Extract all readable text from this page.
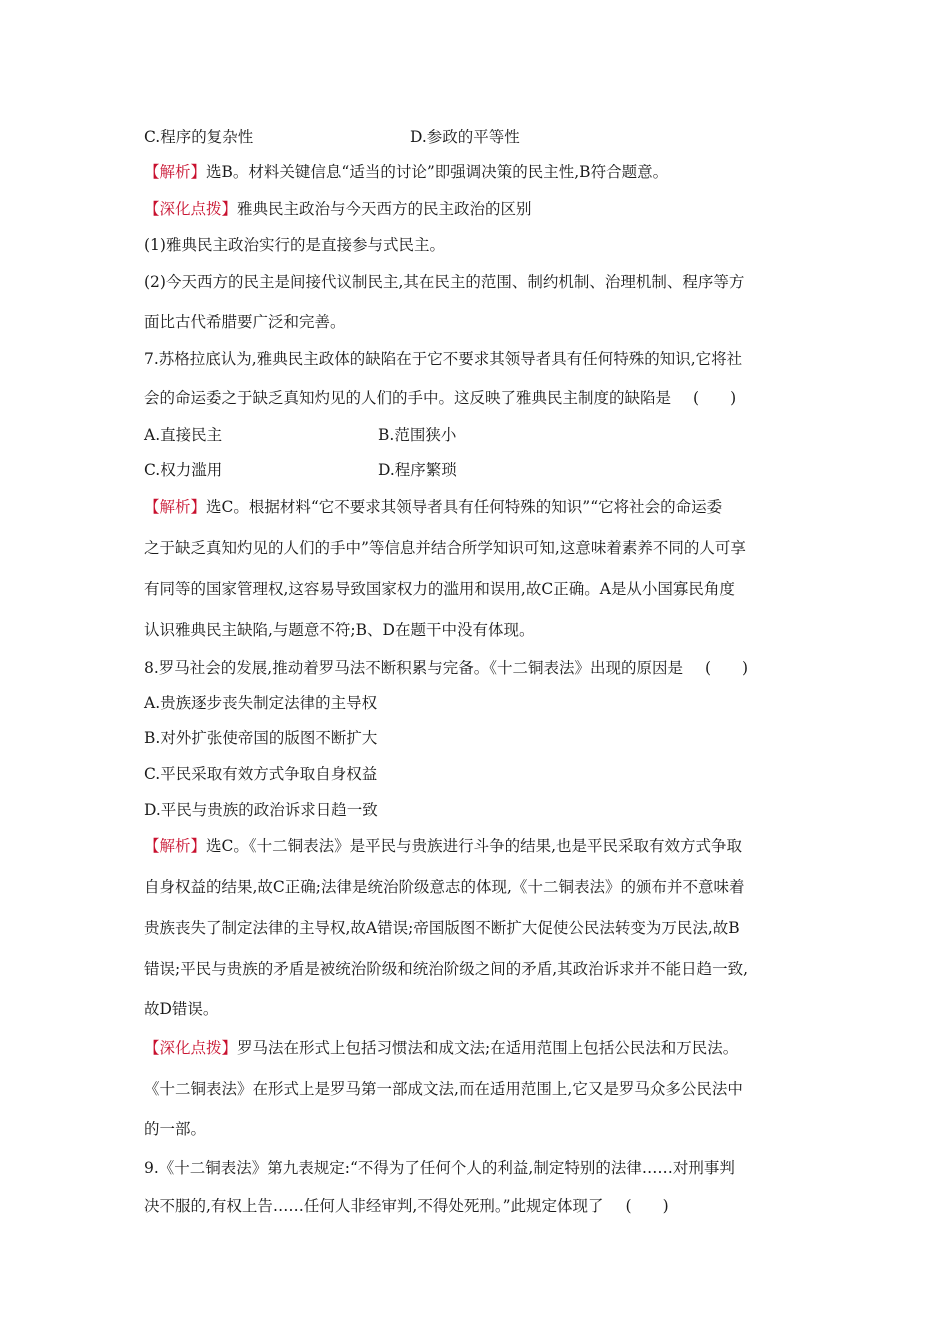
C.程序的复杂性	D.参政的平等性
【解析】选B。材料关键信息“适当的讨论”即强调决策的民主性,B符合题意。
【深化点拨】雅典民主政治与今天西方的民主政治的区别
(1)雅典民主政治实行的是直接参与式民主。
(2)今天西方的民主是间接代议制民主,其在民主的范围、制约机制、治理机制、程序等方
面比古代希腊要广泛和完善。
7.苏格拉底认为,雅典民主政体的缺陷在于它不要求其领导者具有任何特殊的知识,它将社
会的命运委之于缺乏真知灼见的人们的手中。这反映了雅典民主制度的缺陷是 (　　)
A.直接民主	B.范围狭小
C.权力滥用	D.程序繁琐
【解析】选C。根据材料“它不要求其领导者具有任何特殊的知识”“它将社会的命运委
之于缺乏真知灼见的人们的手中”等信息并结合所学知识可知,这意味着素养不同的人可享
有同等的国家管理权,这容易导致国家权力的滥用和误用,故C正确。A是从小国寡民角度
认识雅典民主缺陷,与题意不符;B、D在题干中没有体现。
8.罗马社会的发展,推动着罗马法不断积累与完备。《十二铜表法》出现的原因是 (　　)
A.贵族逐步丧失制定法律的主导权
B.对外扩张使帝国的版图不断扩大
C.平民采取有效方式争取自身权益
D.平民与贵族的政治诉求日趋一致
【解析】选C。《十二铜表法》是平民与贵族进行斗争的结果,也是平民采取有效方式争取
自身权益的结果,故C正确;法律是统治阶级意志的体现,《十二铜表法》的颁布并不意味着
贵族丧失了制定法律的主导权,故A错误;帝国版图不断扩大促使公民法转变为万民法,故B
错误;平民与贵族的矛盾是被统治阶级和统治阶级之间的矛盾,其政治诉求并不能日趋一致,
故D错误。
【深化点拨】罗马法在形式上包括习惯法和成文法;在适用范围上包括公民法和万民法。
《十二铜表法》在形式上是罗马第一部成文法,而在适用范围上,它又是罗马众多公民法中
的一部。
9.《十二铜表法》第九表规定:“不得为了任何个人的利益,制定特别的法律……对刑事判
决不服的,有权上告……任何人非经审判,不得处死刑。”此规定体现了 (　　)
